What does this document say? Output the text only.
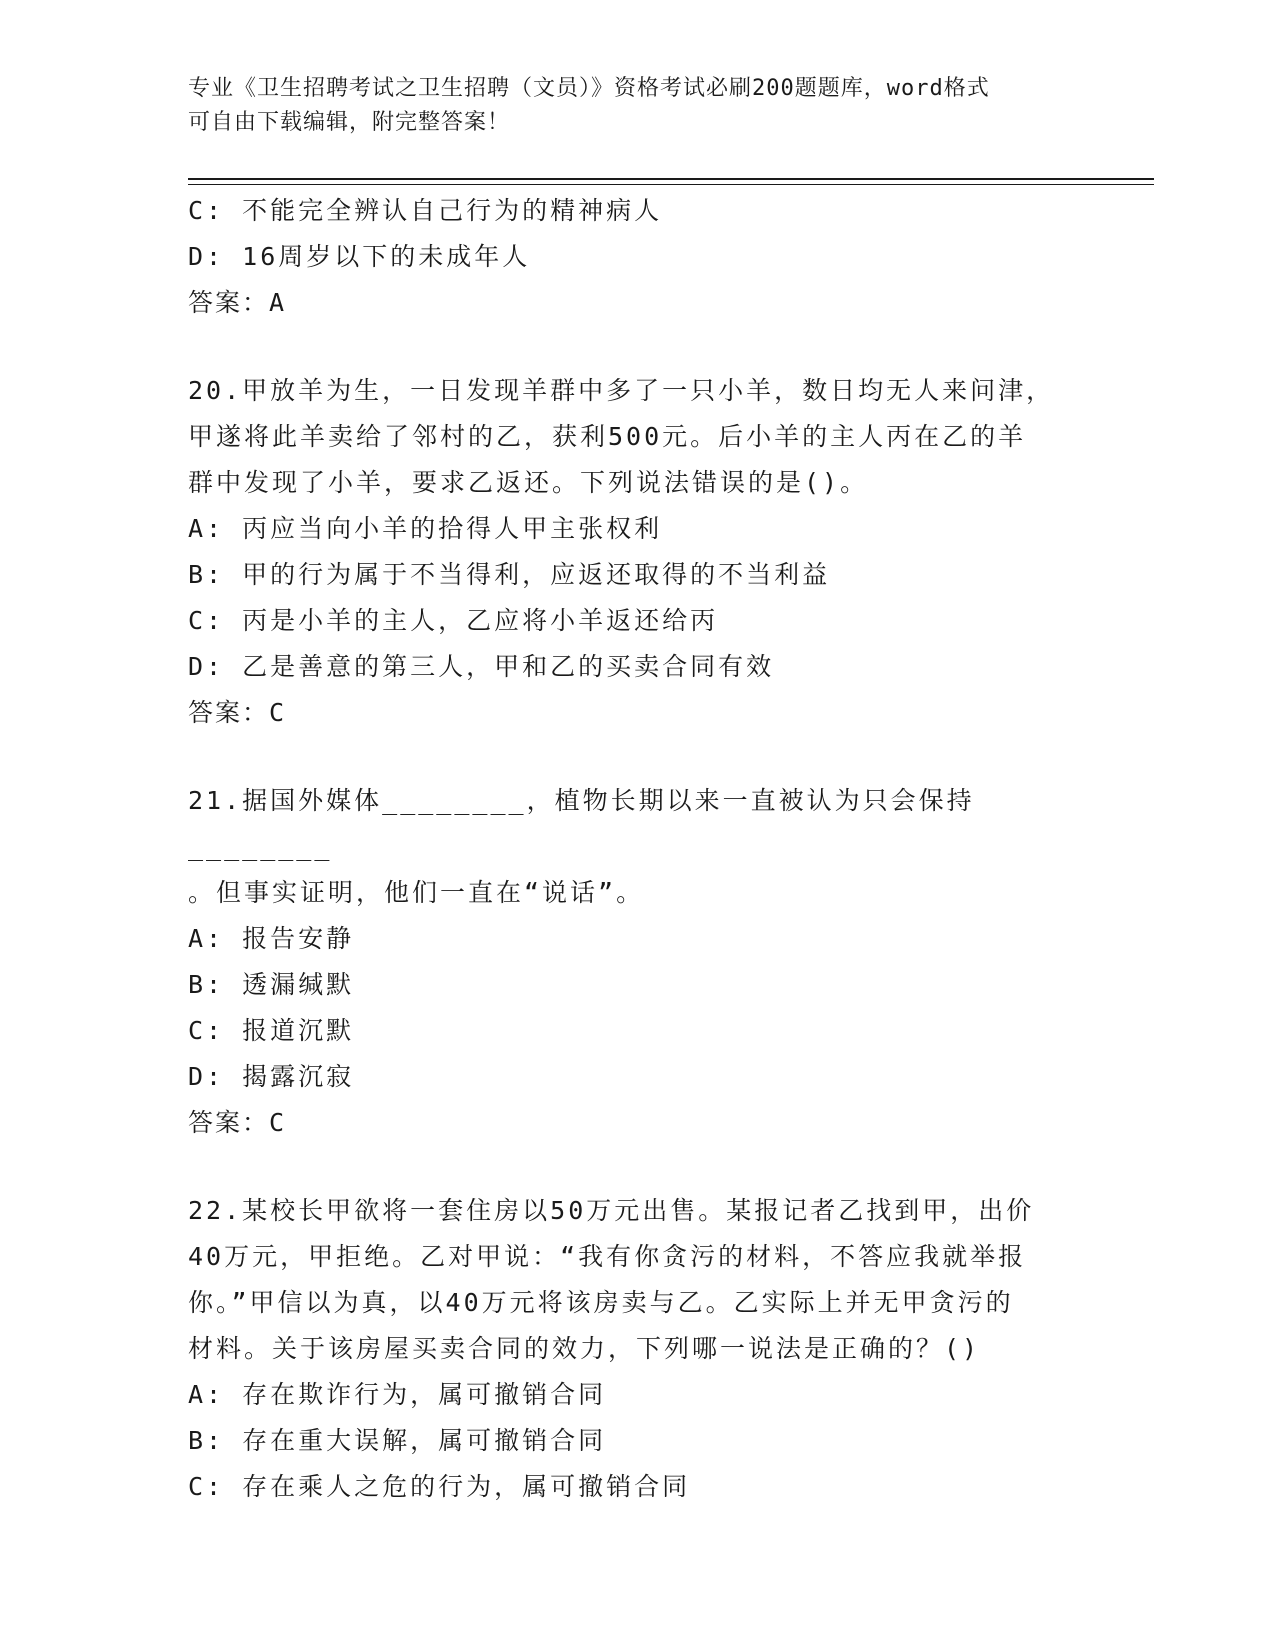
专业《卫生招聘考试之卫生招聘（文员）》资格考试必刷200题题库，word格式
可自由下载编辑，附完整答案！
C: 不能完全辨认自己行为的精神病人
D: 16周岁以下的未成年人
答案：A
20.甲放羊为生，一日发现羊群中多了一只小羊，数日均无人来问津，
甲遂将此羊卖给了邻村的乙，获利500元。后小羊的主人丙在乙的羊
群中发现了小羊，要求乙返还。下列说法错误的是()。
A: 丙应当向小羊的拾得人甲主张权利
B: 甲的行为属于不当得利，应返还取得的不当利益
C: 丙是小羊的主人，乙应将小羊返还给丙
D: 乙是善意的第三人，甲和乙的买卖合同有效
答案：C
21.据国外媒体________，植物长期以来一直被认为只会保持________
。但事实证明，他们一直在“说话”。
A: 报告安静
B: 透漏缄默
C: 报道沉默
D: 揭露沉寂
答案：C
22.某校长甲欲将一套住房以50万元出售。某报记者乙找到甲，出价
40万元，甲拒绝。乙对甲说：“我有你贪污的材料，不答应我就举报
你。”甲信以为真，以40万元将该房卖与乙。乙实际上并无甲贪污的
材料。关于该房屋买卖合同的效力，下列哪一说法是正确的？()
A: 存在欺诈行为，属可撤销合同
B: 存在重大误解，属可撤销合同
C: 存在乘人之危的行为，属可撤销合同
